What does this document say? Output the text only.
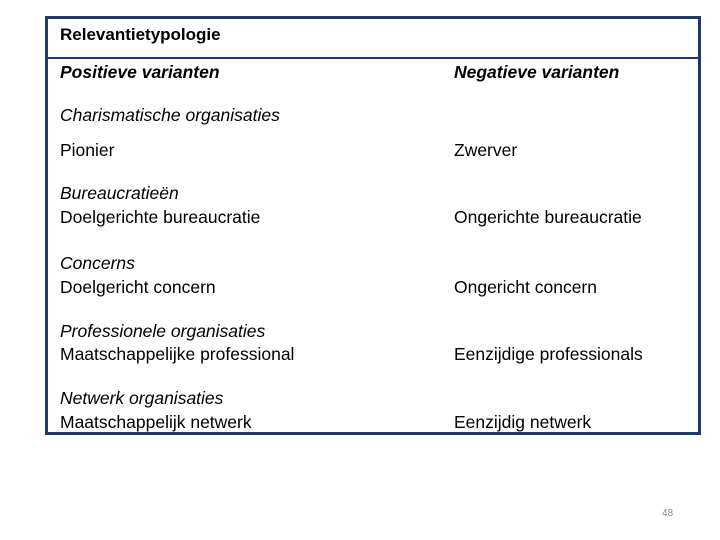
Relevantietypologie
Positieve varianten	Negatieve varianten
Charismatische organisaties
Pionier	Zwerver
Bureaucratieën
Doelgerichte bureaucratie	Ongerichte bureaucratie
Concerns
Doelgericht concern	Ongericht concern
Professionele organisaties
Maatschappelijke professional	Eenzijdige professionals
Netwerk organisaties
Maatschappelijk netwerk	Eenzijdig netwerk
48
